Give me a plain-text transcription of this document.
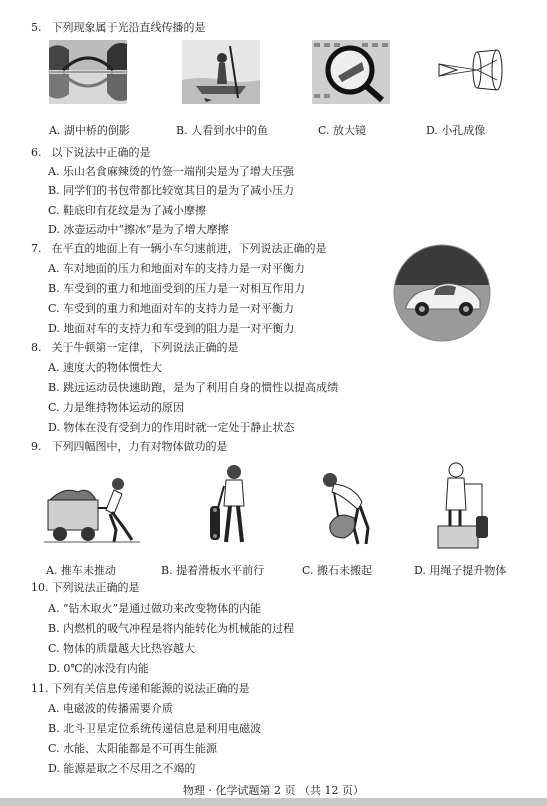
5. 下列现象属于光沿直线传播的是
A. 湖中桥的倒影	B. 人看到水中的鱼	C. 放大镜	D. 小孔成像
6. 以下说法中正确的是
A. 乐山名食麻辣烫的竹签一端削尖是为了增大压强
B. 同学们的书包带都比较宽其目的是为了减小压力
C. 鞋底印有花纹是为了减小摩擦
D. 冰壶运动中“擦冰”是为了增大摩擦
7. 在平直的地面上有一辆小车匀速前进，下列说法正确的是
A. 车对地面的压力和地面对车的支持力是一对平衡力
B. 车受到的重力和地面受到的压力是一对相互作用力
C. 车受到的重力和地面对车的支持力是一对平衡力
D. 地面对车的支持力和车受到的阻力是一对平衡力
8. 关于牛顿第一定律，下列说法正确的是
A. 速度大的物体惯性大
B. 跳远运动员快速助跑，是为了利用自身的惯性以提高成绩
C. 力是维持物体运动的原因
D. 物体在没有受到力的作用时就一定处于静止状态
9. 下列四幅图中，力有对物体做功的是
A. 推车未推动	B. 提着滑板水平前行	C. 搬石未搬起	D. 用绳子提升物体
10. 下列说法正确的是
A. “钻木取火”是通过做功来改变物体的内能
B. 内燃机的吸气冲程是将内能转化为机械能的过程
C. 物体的质量越大比热容越大
D. 0℃的冰没有内能
11. 下列有关信息传递和能源的说法正确的是
A. 电磁波的传播需要介质
B. 北斗卫星定位系统传递信息是利用电磁波
C. 水能、太阳能都是不可再生能源
D. 能源是取之不尽用之不竭的
物理 · 化学试题第 2 页 （共 12 页）
